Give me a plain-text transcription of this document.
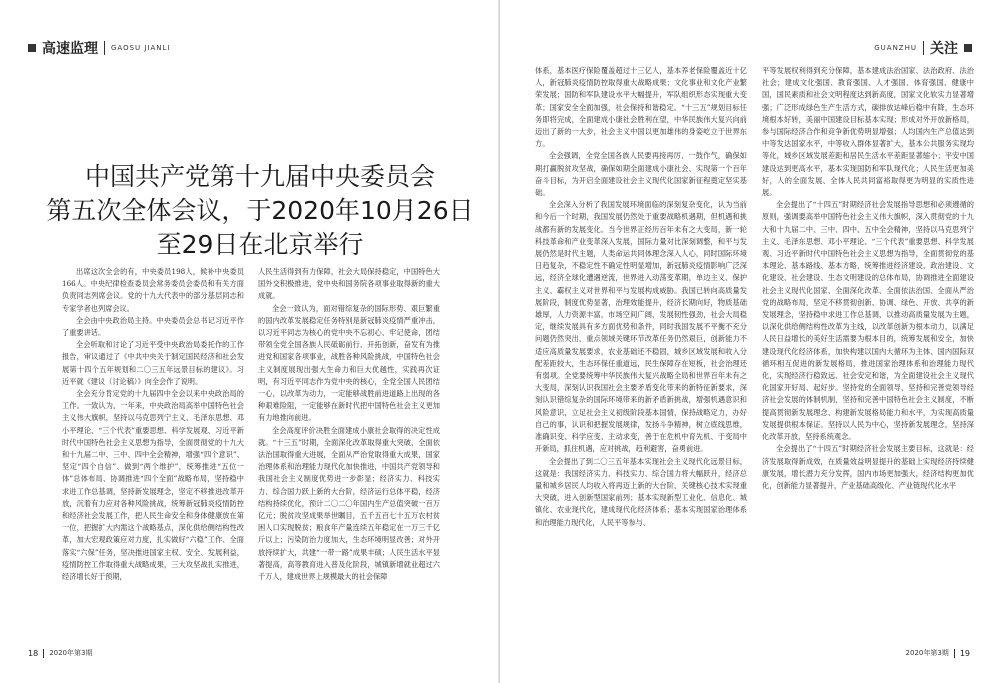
高速监理 GAOSU JIANLI
中国共产党第十九届中央委员会
第五次全体会议，于2020年10月26日
至29日在北京举行

出席这次全会的有，中央委员198人，候补中央委员166人。中央纪律检查委员会常务委员会委员和有关方面负责同志列席会议。党的十九大代表中的部分基层同志和专家学者也列席会议。

全会由中央政治局主持。中央委员会总书记习近平作了重要讲话。

全会听取和讨论了习近平受中央政治局委托作的工作报告，审议通过了《中共中央关于制定国民经济和社会发展第十四个五年规划和二〇三五年远景目标的建议》。习近平就《建议（讨论稿）》向全会作了说明。

全会充分肯定党的十九届四中全会以来中央政治局的工作。一致认为，一年来，中央政治局高举中国特色社会主义伟大旗帜，坚持以马克思列宁主义、毛泽东思想、邓小平理论、“三个代表”重要思想、科学发展观、习近平新时代中国特色社会主义思想为指导，全面贯彻党的十九大和十九届二中、三中、四中全会精神，增强“四个意识”、坚定“四个自信”、做到“两个维护”，统筹推进“五位一体”总体布局、协调推进“四个全面”战略布局，坚持稳中求进工作总基调，坚持新发展理念，坚定不移推进改革开放，沉着有力应对各种风险挑战，统筹新冠肺炎疫情防控和经济社会发展工作，把人民生命安全和身体健康放在第一位，把握扩大内需这个战略基点，深化供给侧结构性改革，加大宏观政策应对力度，扎实做好“六稳”工作、全面落实“六保”任务，坚决推进国家主权、安全、发展利益，疫情防控工作取得重大战略成果，三大攻坚战扎实推进，经济增长好于预期，

人民生活得到有力保障，社会大局保持稳定，中国特色大国外交积极推进，党中央和国务院各项事业取得新的重大成就。

全会一致认为，面对错综复杂的国际形势、艰巨繁重的国内改革发展稳定任务特别是新冠肺炎疫情严重冲击，以习近平同志为核心的党中央不忘初心、牢记使命，团结带领全党全国各族人民砥砺前行、开拓创新，奋发有为推进党和国家各项事业，战胜各种风险挑战，中国特色社会主义制度展现出强大生命力和巨大优越性，实践再次证明，有习近平同志作为党中央的核心，全党全国人民团结一心，以改革为动力，一定能够战胜前进道路上出现的各种艰难险阻，一定能够在新时代把中国特色社会主义更加有力地推向前进。

全会高度评价决胜全面建成小康社会取得的决定性成就。“十三五”时期，全面深化改革取得重大突破，全面依法治国取得重大进展，全面从严治党取得重大成果，国家治理体系和治理能力现代化加快推进，中国共产党领导和我国社会主义制度优势进一步彰显；经济实力、科技实力、综合国力跃上新的大台阶，经济运行总体平稳，经济结构持续优化，预计二〇二〇年国内生产总值突破一百万亿元；脱贫攻坚成果举世瞩目，五千五百七十五万农村贫困人口实现脱贫；粮食年产量连续五年稳定在一万三千亿斤以上；污染防治力度加大，生态环境明显改善；对外开放持续扩大，共建“一带一路”成果丰硕；人民生活水平显著提高，高等教育进入普及化阶段，城镇新增就业超过六千万人，建成世界上规模最大的社会保障

18 2020年第3期
GUANZHU 关注

体系，基本医疗保险覆盖超过十三亿人，基本养老保险覆盖近十亿人，新冠肺炎疫情防控取得重大战略成果；文化事业和文化产业繁荣发展；国防和军队建设水平大幅提升，军队组织形态实现重大变革；国家安全全面加强，社会保持和谐稳定。“十三五”规划目标任务即将完成，全面建成小康社会胜利在望，中华民族伟大复兴向前迈出了新的一大步，社会主义中国以更加雄伟的身姿屹立于世界东方。

全会强调，全党全国各族人民要再接再厉、一鼓作气，确保如期打赢脱贫攻坚战，确保如期全面建成小康社会、实现第一个百年奋斗目标，为开启全面建设社会主义现代化国家新征程奠定坚实基础。

全会深入分析了我国发展环境面临的深刻复杂变化，认为当前和今后一个时期，我国发展仍然处于重要战略机遇期，但机遇和挑战都有新的发展变化。当今世界正经历百年未有之大变局，新一轮科技革命和产业变革深入发展，国际力量对比深刻调整，和平与发展仍然是时代主题，人类命运共同体理念深入人心，同时国际环境日趋复杂，不稳定性不确定性明显增加，新冠肺炎疫情影响广泛深远，经济全球化遭遇逆流，世界进入动荡变革期，单边主义、保护主义、霸权主义对世界和平与发展构成威胁。我国已转向高质量发展阶段，制度优势显著，治理效能提升，经济长期向好，物质基础雄厚，人力资源丰富，市场空间广阔，发展韧性强劲，社会大局稳定，继续发展具有多方面优势和条件，同时我国发展不平衡不充分问题仍然突出，重点领域关键环节改革任务仍然艰巨，创新能力不适应高质量发展要求，农业基础还不稳固，城乡区域发展和收入分配差距较大，生态环保任重道远，民生保障存在短板，社会治理还有弱项。全党要统筹中华民族伟大复兴战略全局和世界百年未有之大变局，深刻认识我国社会主要矛盾变化带来的新特征新要求，深刻认识错综复杂的国际环境带来的新矛盾新挑战，增强机遇意识和风险意识，立足社会主义初级阶段基本国情，保持战略定力，办好自己的事，认识和把握发展规律，发扬斗争精神，树立底线思维，准确识变、科学应变、主动求变，善于在危机中育先机、于变局中开新局，抓住机遇，应对挑战，趋利避害，奋勇前进。

全会提出了到二〇三五年基本实现社会主义现代化远景目标，这就是：我国经济实力、科技实力、综合国力将大幅跃升，经济总量和城乡居民人均收入将再迈上新的大台阶，关键核心技术实现重大突破，进入创新型国家前列；基本实现新型工业化、信息化、城镇化、农业现代化，建成现代化经济体系；基本实现国家治理体系和治理能力现代化，人民平等参与、

平等发展权利得到充分保障，基本建成法治国家、法治政府、法治社会；建成文化强国、教育强国、人才强国、体育强国、健康中国，国民素质和社会文明程度达到新高度，国家文化软实力显著增强；广泛形成绿色生产生活方式，碳排放达峰后稳中有降，生态环境根本好转，美丽中国建设目标基本实现；形成对外开放新格局，参与国际经济合作和竞争新优势明显增强；人均国内生产总值达到中等发达国家水平，中等收入群体显著扩大，基本公共服务实现均等化，城乡区域发展差距和居民生活水平差距显著缩小；平安中国建设达到更高水平，基本实现国防和军队现代化；人民生活更加美好，人的全面发展、全体人民共同富裕取得更为明显的实质性进展。

全会提出了“十四五”时期经济社会发展指导思想和必须遵循的原则，强调要高举中国特色社会主义伟大旗帜，深入贯彻党的十九大和十九届二中、三中、四中、五中全会精神，坚持以马克思列宁主义、毛泽东思想、邓小平理论、“三个代表”重要思想、科学发展观、习近平新时代中国特色社会主义思想为指导，全面贯彻党的基本理论、基本路线、基本方略，统筹推进经济建设、政治建设、文化建设、社会建设、生态文明建设的总体布局，协调推进全面建设社会主义现代化国家、全面深化改革、全面依法治国、全面从严治党的战略布局，坚定不移贯彻创新、协调、绿色、开放、共享的新发展理念，坚持稳中求进工作总基调，以推动高质量发展为主题，以深化供给侧结构性改革为主线，以改革创新为根本动力，以满足人民日益增长的美好生活需要为根本目的，统筹发展和安全，加快建设现代化经济体系，加快构建以国内大循环为主体、国内国际双循环相互促进的新发展格局，推进国家治理体系和治理能力现代化，实现经济行稳致远、社会安定和谐，为全面建设社会主义现代化国家开好局、起好步。坚持党的全面领导，坚持和完善党领导经济社会发展的体制机制，坚持和完善中国特色社会主义制度，不断提高贯彻新发展理念、构建新发展格局能力和水平，为实现高质量发展提供根本保证。坚持以人民为中心，坚持新发展理念，坚持深化改革开放，坚持系统观念。

全会提出了“十四五”时期经济社会发展主要目标，这就是：经济发展取得新成效，在质量效益明显提升的基础上实现经济持续健康发展，增长潜力充分发挥，国内市场更加强大，经济结构更加优化，创新能力显著提升，产业基础高级化、产业链现代化水平

2020年第3期 19
